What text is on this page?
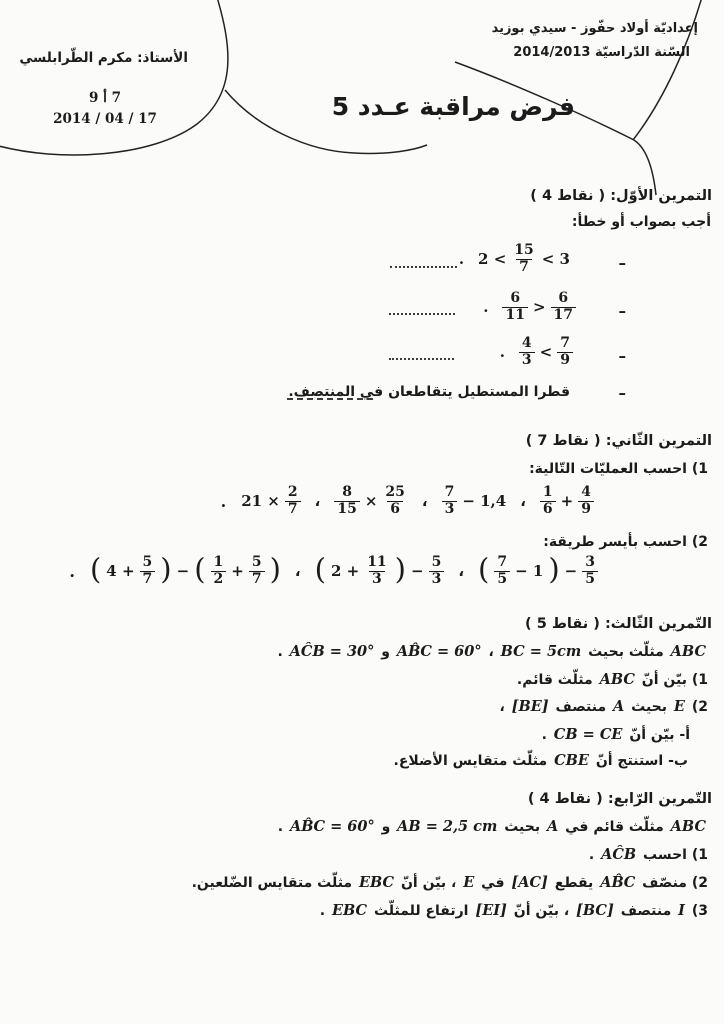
الأستاذ: مكرم الطّرابلسي
7 أ 9
17 / 04 / 2014
إعداديّة أولاد حفّوز - سيدي بوزيد
السّنة الدّراسيّة 2014/2013
فرض مراقبة عـدد 5
التمرين الأوّل: ( 4 نقاط )
أجب بصواب أو خطأ:
–
. $2 < \frac{15}{7} < 3$
–
. $\frac{6}{11} > \frac{6}{17}$
–
. $\frac{4}{3} < \frac{7}{9}$
–
قطرا المستطيل يتقاطعان في المنتصف.
التمرين الثّاني: ( 7 نقاط )
1) احسب العمليّات التّالية:
$\frac{1}{6} + \frac{4}{9}$
،
$\frac{7}{3} - 1,4$
،
$\frac{8}{15} \times \frac{25}{6}$
،
$21 \times \frac{2}{7}$
.
2) احسب بأيسر طريقة:
( $\frac{7}{5} - 1$ ) − $\frac{3}{5}$
،
( $2 + \frac{11}{3}$ ) − $\frac{5}{3}$
،
( $4 + \frac{5}{7}$ ) − ( $\frac{1}{2} + \frac{5}{7}$ )
.
التّمرين الثّالث: ( 5 نقاط )
ABC مثلّث بحيث BC = 5cm ، AB̂C = 60° و AĈB = 30° .
1) بيّن أنّ ABC مثلّث قائم.
2) E بحيث A منتصف [BE] ،
أ- بيّن أنّ CB = CE .
ب- استنتج أنّ CBE مثلّث متقايس الأضلاع.
التّمرين الرّابع: ( 4 نقاط )
ABC مثلّث قائم في A بحيث AB = 2,5 cm و AB̂C = 60° .
1) احسب AĈB .
2) منصّف AB̂C يقطع [AC] في E ، بيّن أنّ EBC مثلّث متقايس الضّلعين.
3) I منتصف [BC] ، بيّن أنّ [EI] ارتفاع للمثلّث EBC .
